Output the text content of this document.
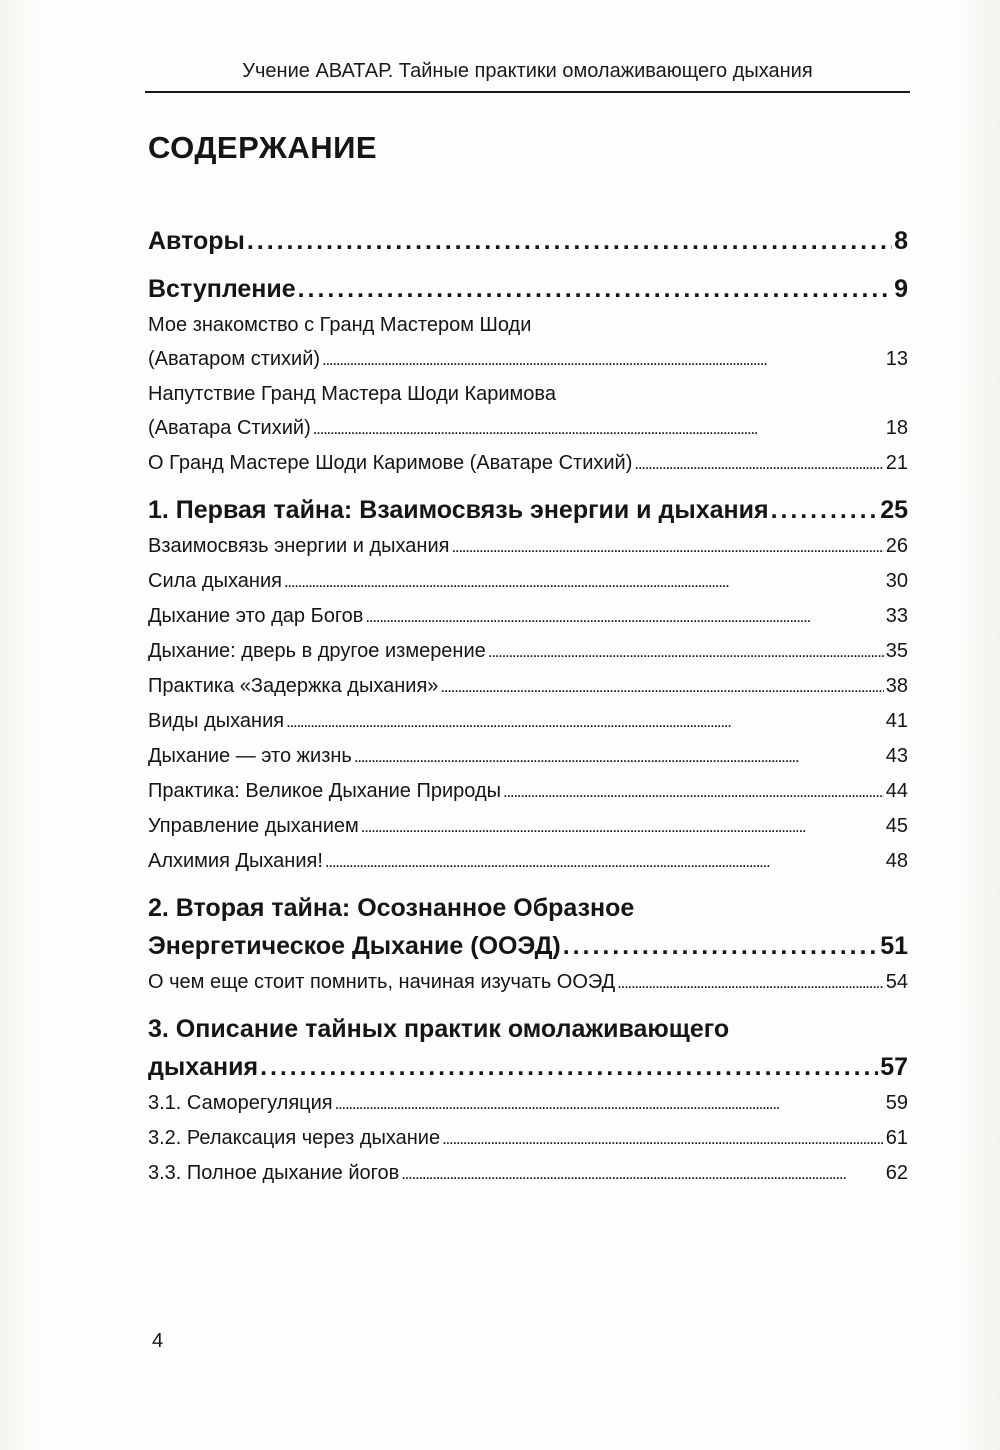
Учение АВАТАР. Тайные практики омолаживающего дыхания
СОДЕРЖАНИЕ
Авторы . . .	8
Вступление . . .	9
Мое знакомство с Гранд Мастером Шоди
(Аватаром стихий) . . .	13
Напутствие Гранд Мастера Шоди Каримова
(Аватара Стихий) . . .	18
О Гранд Мастере Шоди Каримове (Аватаре Стихий) . . .	21
1. Первая тайна: Взаимосвязь энергии и дыхания . . .	25
Взаимосвязь энергии и дыхания . . .	26
Сила дыхания . . .	30
Дыхание это дар Богов . . .	33
Дыхание: дверь в другое измерение . . .	35
Практика «Задержка дыхания» . . .	38
Виды дыхания . . .	41
Дыхание — это жизнь . . .	43
Практика: Великое Дыхание Природы . . .	44
Управление дыханием . . .	45
Алхимия Дыхания! . . .	48
2. Вторая тайна: Осознанное Образное
Энергетическое Дыхание (ООЭД) . . .	51
О чем еще стоит помнить, начиная изучать ООЭД . . .	54
3. Описание тайных практик омолаживающего
дыхания . . .	57
3.1. Саморегуляция . . .	59
3.2. Релаксация через дыхание . . .	61
3.3. Полное дыхание йогов . . .	62
4
